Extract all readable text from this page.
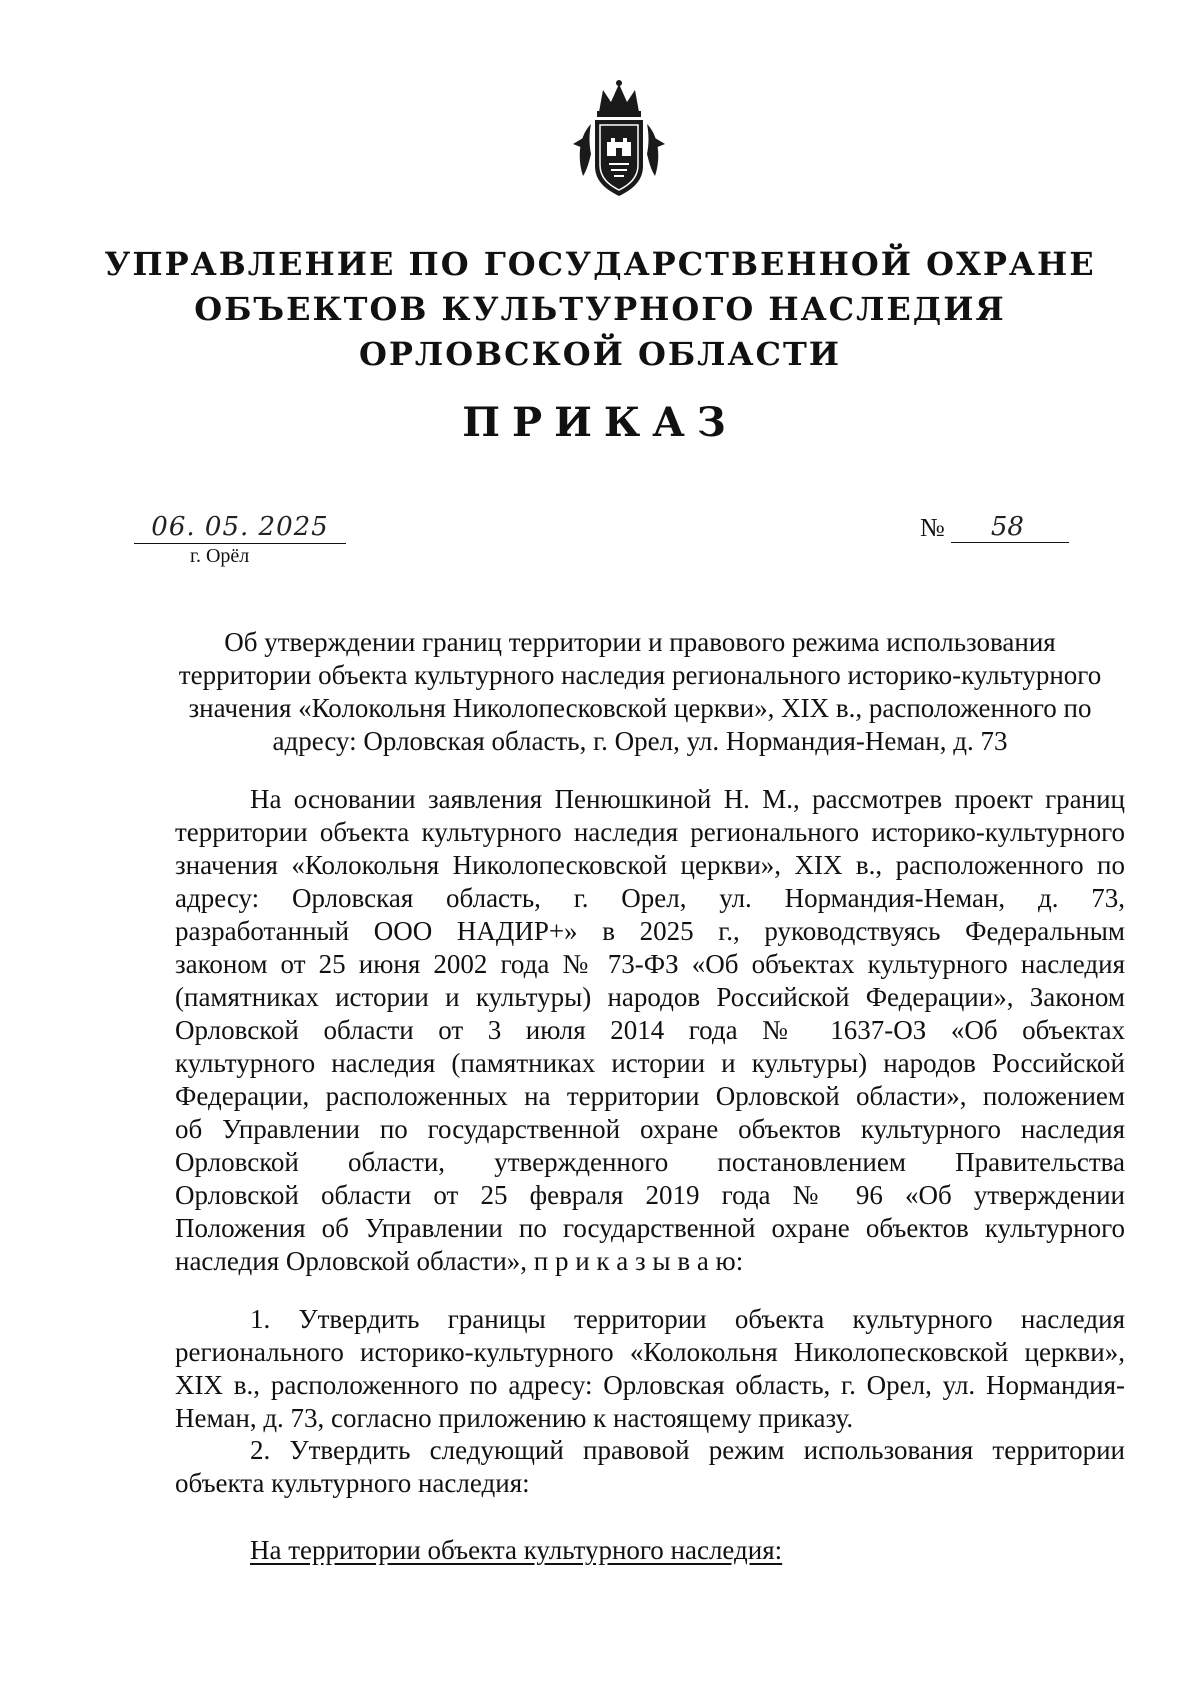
УПРАВЛЕНИЕ ПО ГОСУДАРСТВЕННОЙ ОХРАНЕ
ОБЪЕКТОВ КУЛЬТУРНОГО НАСЛЕДИЯ
ОРЛОВСКОЙ ОБЛАСТИ
ПРИКАЗ
06. 05. 2025
г. Орёл
№ 58
Об утверждении границ территории и правового режима использования
территории объекта культурного наследия регионального историко-культурного
значения «Колокольня Николопесковской церкви», XIX в., расположенного по
адресу: Орловская область, г. Орел, ул. Нормандия-Неман, д. 73
На основании заявления Пенюшкиной Н. М., рассмотрев проект границ
территории объекта культурного наследия регионального историко-культурного
значения «Колокольня Николопесковской церкви», XIX в., расположенного по
адресу: Орловская область, г. Орел, ул. Нормандия-Неман, д. 73,
разработанный ООО НАДИР+» в 2025 г., руководствуясь Федеральным
законом от 25 июня 2002 года № 73-ФЗ «Об объектах культурного наследия
(памятниках истории и культуры) народов Российской Федерации», Законом
Орловской области от 3 июля 2014 года № 1637-ОЗ «Об объектах
культурного наследия (памятниках истории и культуры) народов Российской
Федерации, расположенных на территории Орловской области», положением
об Управлении по государственной охране объектов культурного наследия
Орловской области, утвержденного постановлением Правительства
Орловской области от 25 февраля 2019 года № 96 «Об утверждении
Положения об Управлении по государственной охране объектов культурного
наследия Орловской области», п р и к а з ы в а ю:
1. Утвердить границы территории объекта культурного наследия
регионального историко-культурного «Колокольня Николопесковской церкви»,
XIX в., расположенного по адресу: Орловская область, г. Орел, ул. Нормандия-
Неман, д. 73, согласно приложению к настоящему приказу.
2. Утвердить следующий правовой режим использования территории
объекта культурного наследия:
На территории объекта культурного наследия:
